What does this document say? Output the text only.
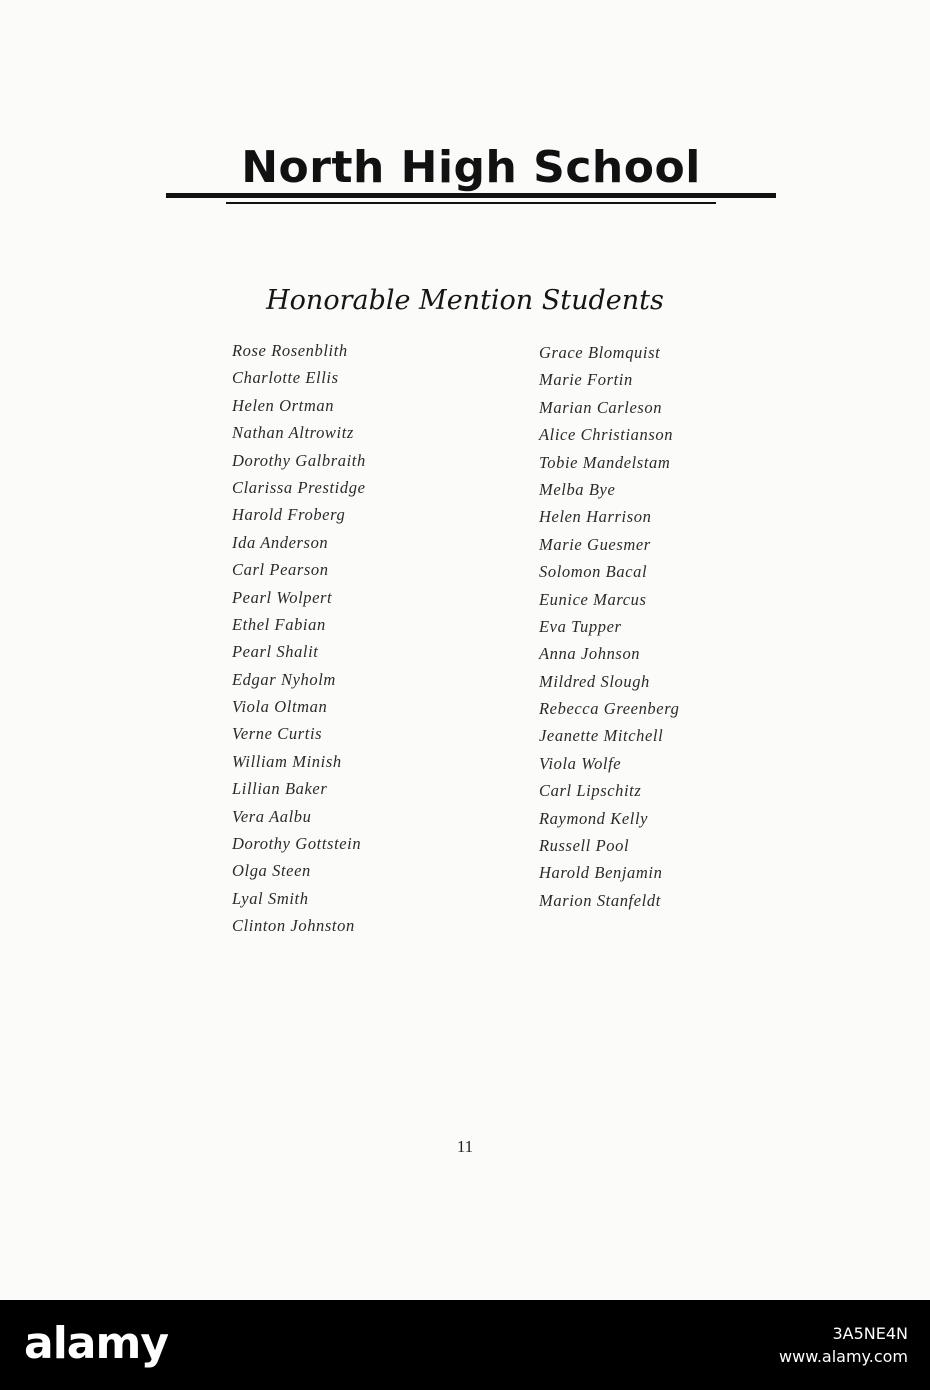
North High School
Honorable Mention Students
Rose Rosenblith
Charlotte Ellis
Helen Ortman
Nathan Altrowitz
Dorothy Galbraith
Clarissa Prestidge
Harold Froberg
Ida Anderson
Carl Pearson
Pearl Wolpert
Ethel Fabian
Pearl Shalit
Edgar Nyholm
Viola Oltman
Verne Curtis
William Minish
Lillian Baker
Vera Aalbu
Dorothy Gottstein
Olga Steen
Lyal Smith
Clinton Johnston
Grace Blomquist
Marie Fortin
Marian Carleson
Alice Christianson
Tobie Mandelstam
Melba Bye
Helen Harrison
Marie Guesmer
Solomon Bacal
Eunice Marcus
Eva Tupper
Anna Johnson
Mildred Slough
Rebecca Greenberg
Jeanette Mitchell
Viola Wolfe
Carl Lipschitz
Raymond Kelly
Russell Pool
Harold Benjamin
Marion Stanfeldt
11
alamy	3A5NE4N
www.alamy.com
